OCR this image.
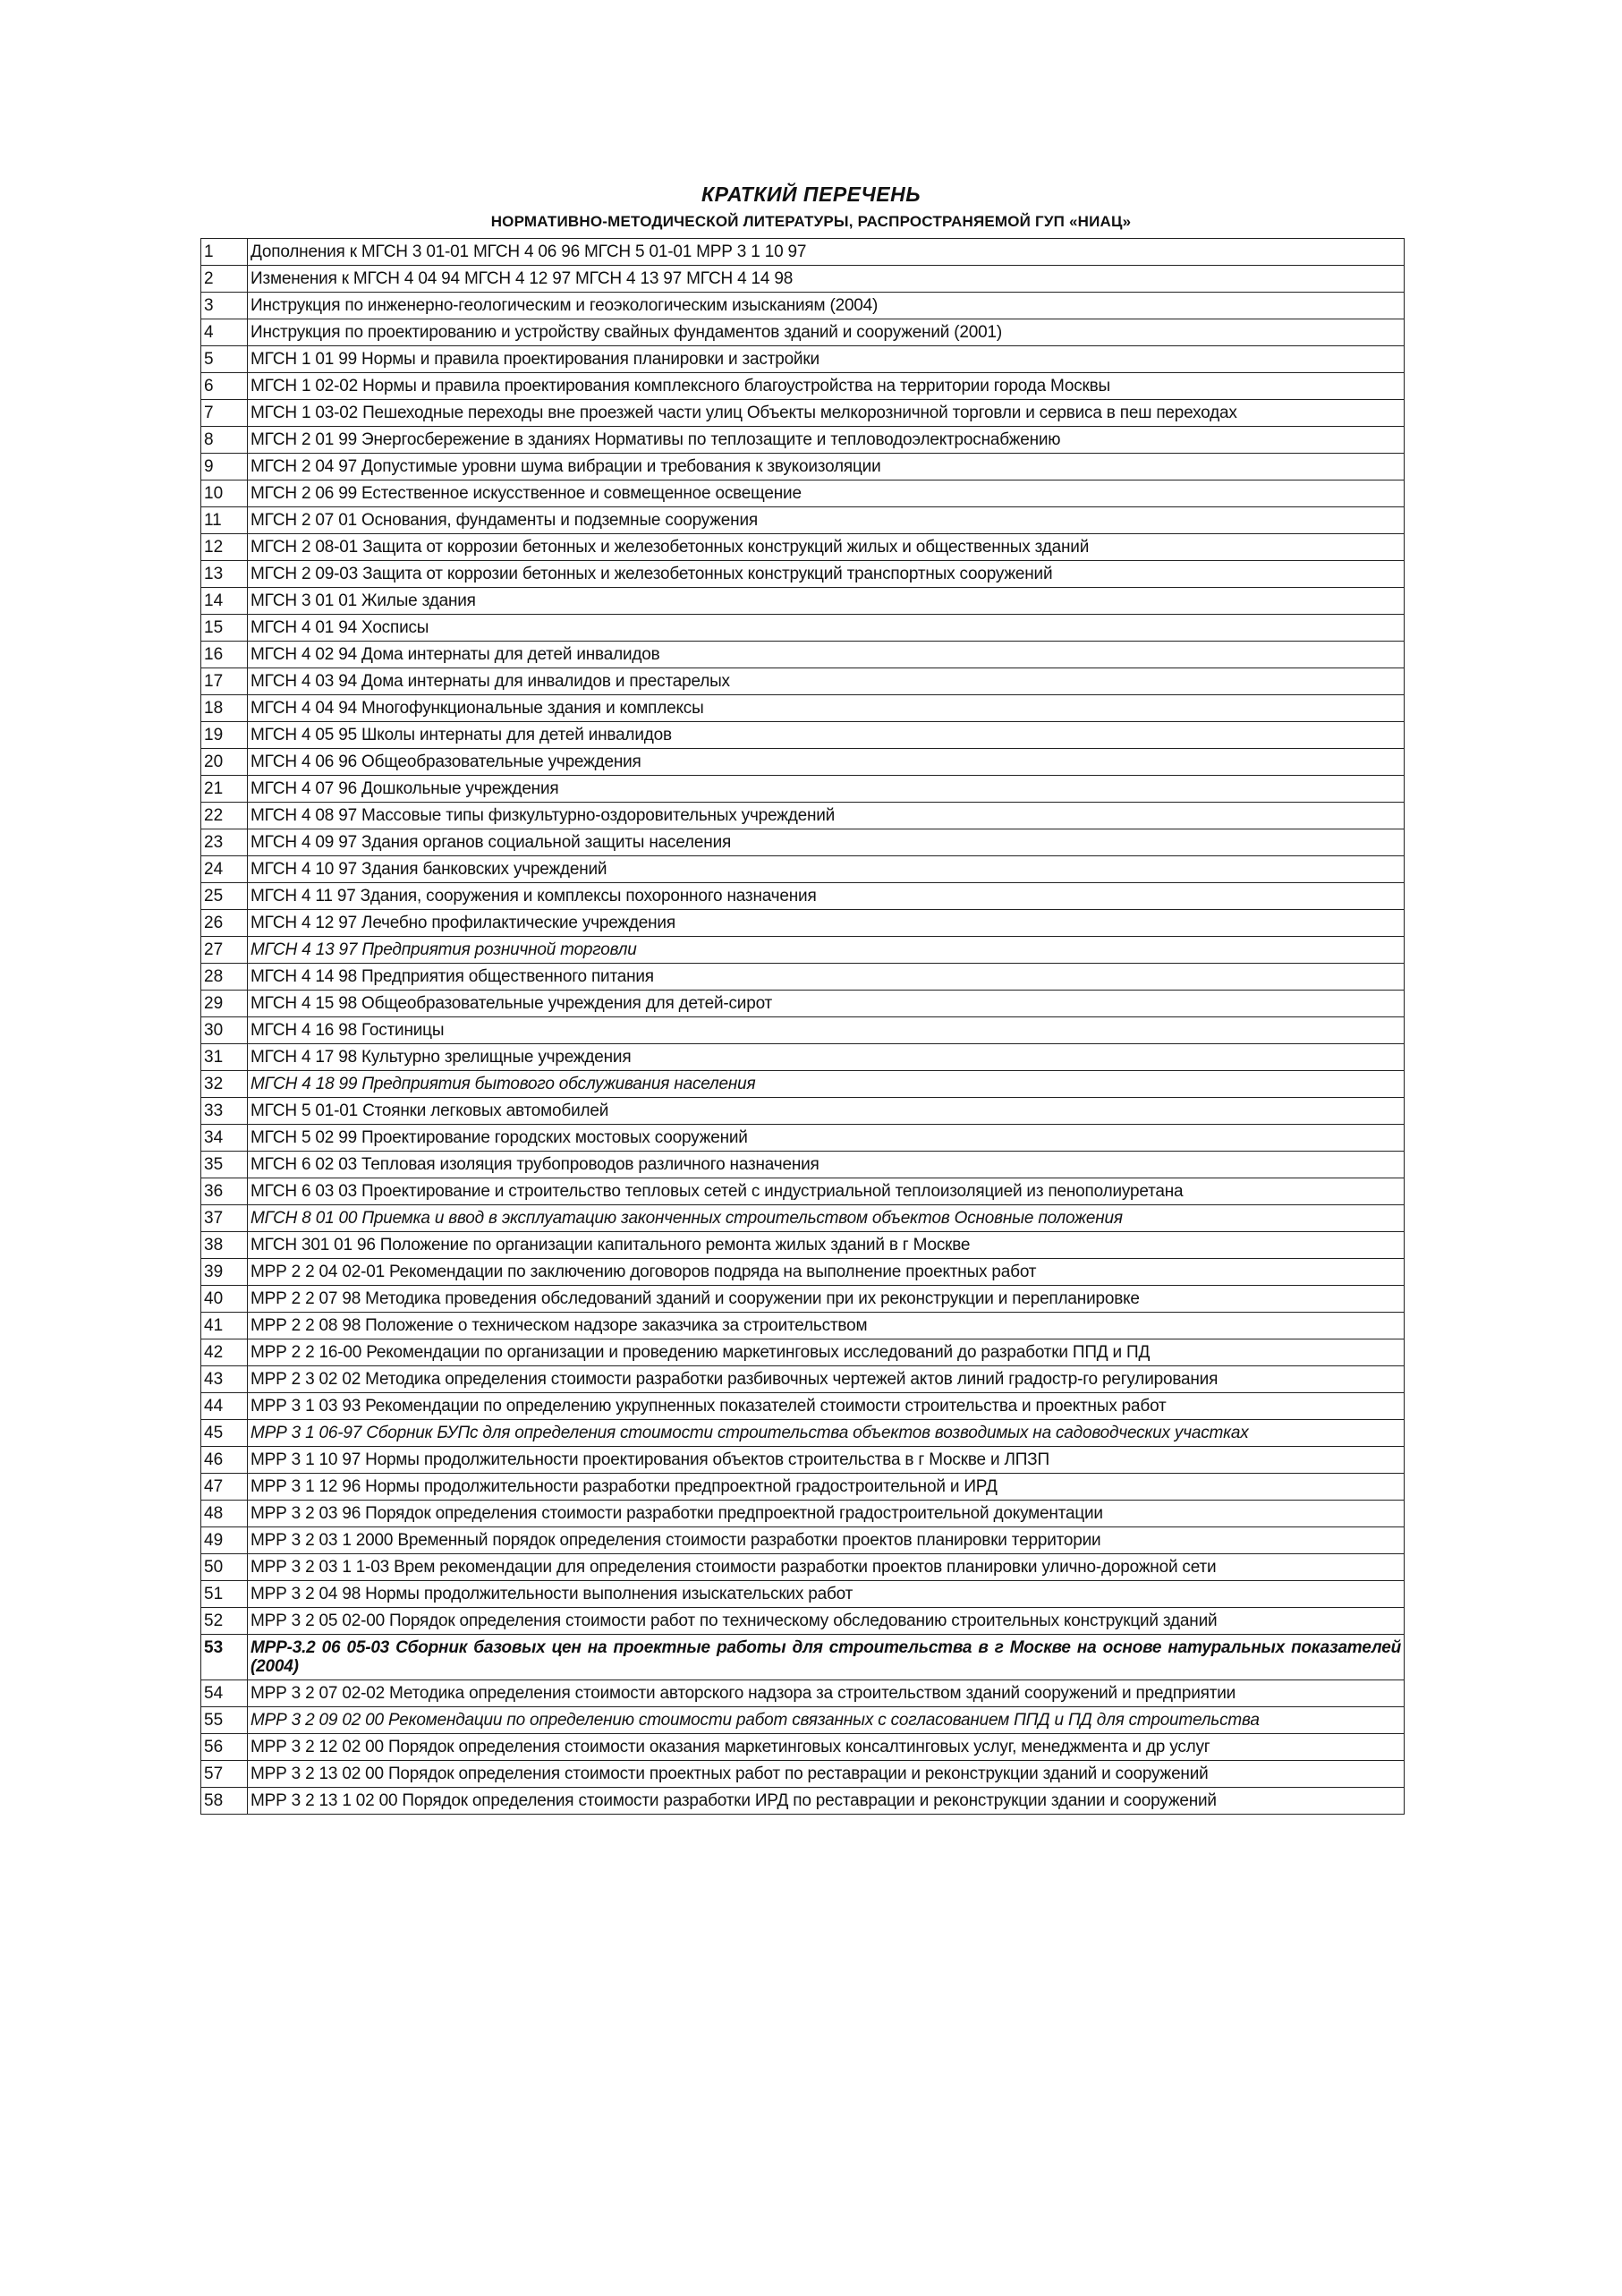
КРАТКИЙ ПЕРЕЧЕНЬ
НОРМАТИВНО-МЕТОДИЧЕСКОЙ ЛИТЕРАТУРЫ, РАСПРОСТРАНЯЕМОЙ ГУП «НИАЦ»
1	Дополнения к МГСН 3 01-01 МГСН 4 06 96 МГСН 5 01-01 МРР 3 1 10 97
2	Изменения к МГСН 4 04 94 МГСН 4 12 97 МГСН 4 13 97 МГСН 4 14 98
3	Инструкция по инженерно-геологическим и геоэкологическим изысканиям (2004)
4	Инструкция по проектированию и устройству свайных фундаментов зданий и сооружений (2001)
5	МГСН 1 01 99 Нормы и правила проектирования планировки и застройки
6	МГСН 1 02-02 Нормы и правила проектирования комплексного благоустройства на территории города Москвы
7	МГСН 1 03-02 Пешеходные переходы вне проезжей части улиц Объекты мелкорозничной торговли и сервиса в пеш переходах
8	МГСН 2 01 99 Энергосбережение в зданиях Нормативы по теплозащите и тепловодоэлектроснабжению
9	МГСН 2 04 97 Допустимые уровни шума вибрации и требования к звукоизоляции
10	МГСН 2 06 99 Естественное искусственное и совмещенное освещение
11	МГСН 2 07 01 Основания, фундаменты и подземные сооружения
12	МГСН 2 08-01 Защита от коррозии бетонных и железобетонных конструкций жилых и общественных зданий
13	МГСН 2 09-03 Защита от коррозии бетонных и железобетонных конструкций транспортных сооружений
14	МГСН 3 01 01 Жилые здания
15	МГСН 4 01 94 Хосписы
16	МГСН 4 02 94 Дома интернаты для детей инвалидов
17	МГСН 4 03 94 Дома интернаты для инвалидов и престарелых
18	МГСН 4 04 94 Многофункциональные здания и комплексы
19	МГСН 4 05 95 Школы интернаты для детей инвалидов
20	МГСН 4 06 96 Общеобразовательные учреждения
21	МГСН 4 07 96 Дошкольные учреждения
22	МГСН 4 08 97 Массовые типы физкультурно-оздоровительных учреждений
23	МГСН 4 09 97 Здания органов социальной защиты населения
24	МГСН 4 10 97 Здания банковских учреждений
25	МГСН 4 11 97 Здания, сооружения и комплексы похоронного назначения
26	МГСН 4 12 97 Лечебно профилактические учреждения
27	МГСН 4 13 97 Предприятия розничной торговли
28	МГСН 4 14 98 Предприятия общественного питания
29	МГСН 4 15 98 Общеобразовательные учреждения для детей-сирот
30	МГСН 4 16 98 Гостиницы
31	МГСН 4 17 98 Культурно зрелищные учреждения
32	МГСН 4 18 99 Предприятия бытового обслуживания населения
33	МГСН 5 01-01 Стоянки легковых автомобилей
34	МГСН 5 02 99 Проектирование городских мостовых сооружений
35	МГСН 6 02 03 Тепловая изоляция трубопроводов различного назначения
36	МГСН 6 03 03 Проектирование и строительство тепловых сетей с индустриальной теплоизоляцией из пенополиуретана
37	МГСН 8 01 00 Приемка и ввод в эксплуатацию законченных строительством объектов Основные положения
38	МГСН 301 01 96 Положение по организации капитального ремонта жилых зданий в г Москве
39	МРР 2 2 04 02-01 Рекомендации по заключению договоров подряда на выполнение проектных работ
40	МРР 2 2 07 98 Методика проведения обследований зданий и сооружении при их реконструкции и перепланировке
41	МРР 2 2 08 98 Положение о техническом надзоре заказчика за строительством
42	МРР 2 2 16-00 Рекомендации по организации и проведению маркетинговых исследований до разработки ППД и ПД
43	МРР 2 3 02 02 Методика определения стоимости разработки разбивочных чертежей актов линий градостр-го регулирования
44	МРР 3 1 03 93 Рекомендации по определению укрупненных показателей стоимости строительства и проектных работ
45	МРР 3 1 06-97 Сборник БУПс для определения стоимости строительства объектов возводимых на садоводческих участках
46	МРР 3 1 10 97 Нормы продолжительности проектирования объектов строительства в г Москве и ЛПЗП
47	МРР 3 1 12 96 Нормы продолжительности разработки предпроектной градостроительной и ИРД
48	МРР 3 2 03 96 Порядок определения стоимости разработки предпроектной градостроительной документации
49	МРР 3 2 03 1 2000 Временный порядок определения стоимости разработки проектов планировки территории
50	МРР 3 2 03 1 1-03 Врем рекомендации для определения стоимости разработки проектов планировки улично-дорожной сети
51	МРР 3 2 04 98 Нормы продолжительности выполнения изыскательских работ
52	МРР 3 2 05 02-00 Порядок определения стоимости работ по техническому обследованию строительных конструкций зданий
53	МРР-3.2 06 05-03 Сборник базовых цен на проектные работы для строительства в г Москве на основе натуральных показателей (2004)
54	МРР 3 2 07 02-02 Методика определения стоимости авторского надзора за строительством зданий сооружений и предприятии
55	МРР 3 2 09 02 00 Рекомендации по определению стоимости работ связанных с согласованием ППД и ПД для строительства
56	МРР 3 2 12 02 00 Порядок определения стоимости оказания маркетинговых консалтинговых услуг, менеджмента и др услуг
57	МРР 3 2 13 02 00 Порядок определения стоимости проектных работ по реставрации и реконструкции зданий и сооружений
58	МРР 3 2 13 1 02 00 Порядок определения стоимости разработки ИРД по реставрации и реконструкции здании и сооружений
